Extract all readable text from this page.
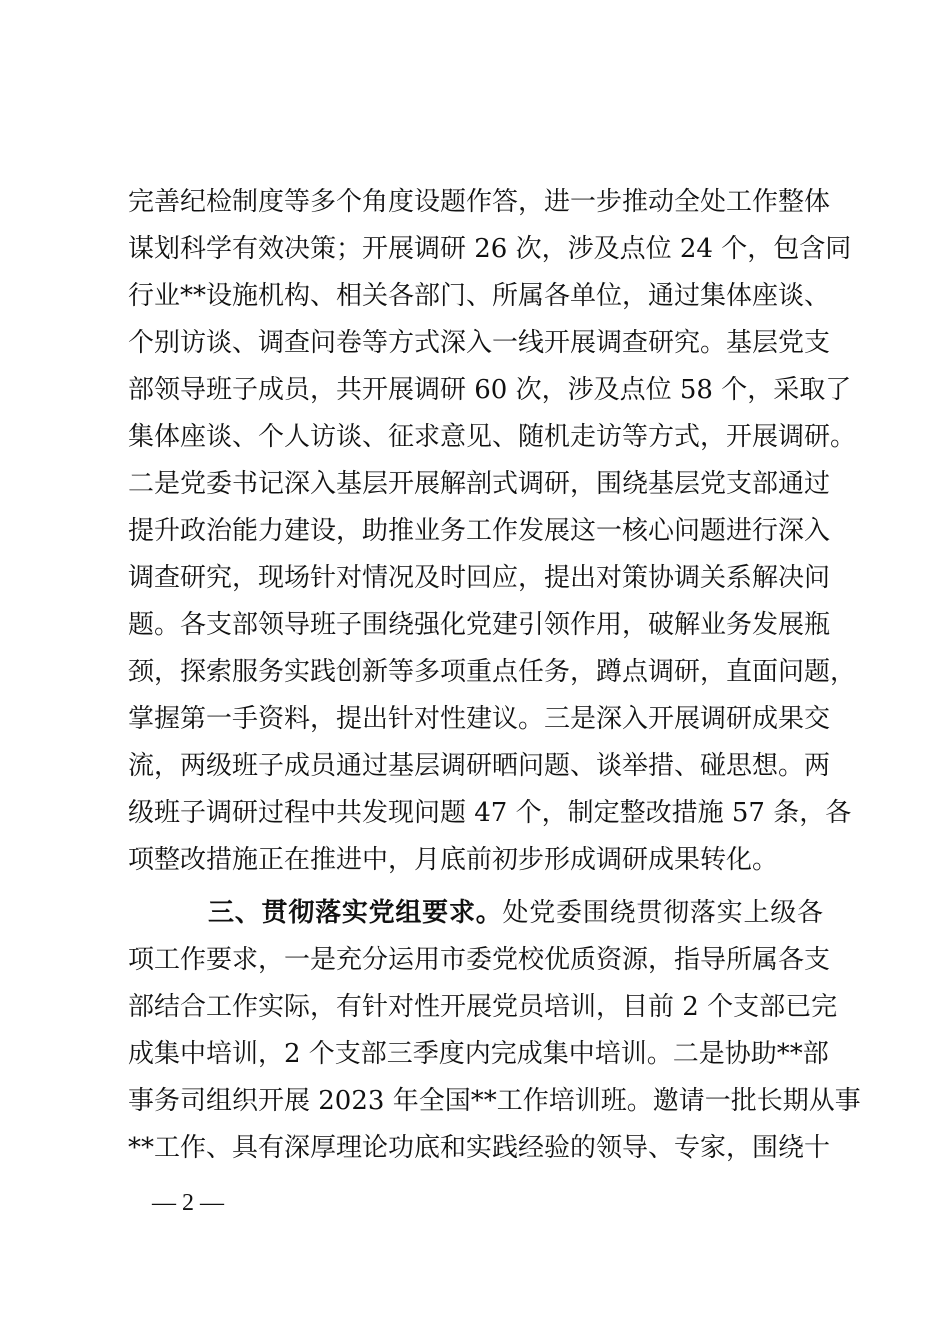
完善纪检制度等多个角度设题作答，进一步推动全处工作整体
谋划科学有效决策；开展调研 26 次，涉及点位 24 个，包含同
行业**设施机构、相关各部门、所属各单位，通过集体座谈、
个别访谈、调查问卷等方式深入一线开展调查研究。基层党支
部领导班子成员，共开展调研 60 次，涉及点位 58 个，采取了
集体座谈、个人访谈、征求意见、随机走访等方式，开展调研。
二是党委书记深入基层开展解剖式调研，围绕基层党支部通过
提升政治能力建设，助推业务工作发展这一核心问题进行深入
调查研究，现场针对情况及时回应，提出对策协调关系解决问
题。各支部领导班子围绕强化党建引领作用，破解业务发展瓶
颈，探索服务实践创新等多项重点任务，蹲点调研，直面问题，
掌握第一手资料，提出针对性建议。三是深入开展调研成果交
流，两级班子成员通过基层调研晒问题、谈举措、碰思想。两
级班子调研过程中共发现问题 47 个，制定整改措施 57 条，各
项整改措施正在推进中，月底前初步形成调研成果转化。
三、贯彻落实党组要求。处党委围绕贯彻落实上级各
项工作要求，一是充分运用市委党校优质资源，指导所属各支
部结合工作实际，有针对性开展党员培训，目前 2 个支部已完
成集中培训，2 个支部三季度内完成集中培训。二是协助**部
事务司组织开展 2023 年全国**工作培训班。邀请一批长期从事
**工作、具有深厚理论功底和实践经验的领导、专家，围绕十
— 2 —
